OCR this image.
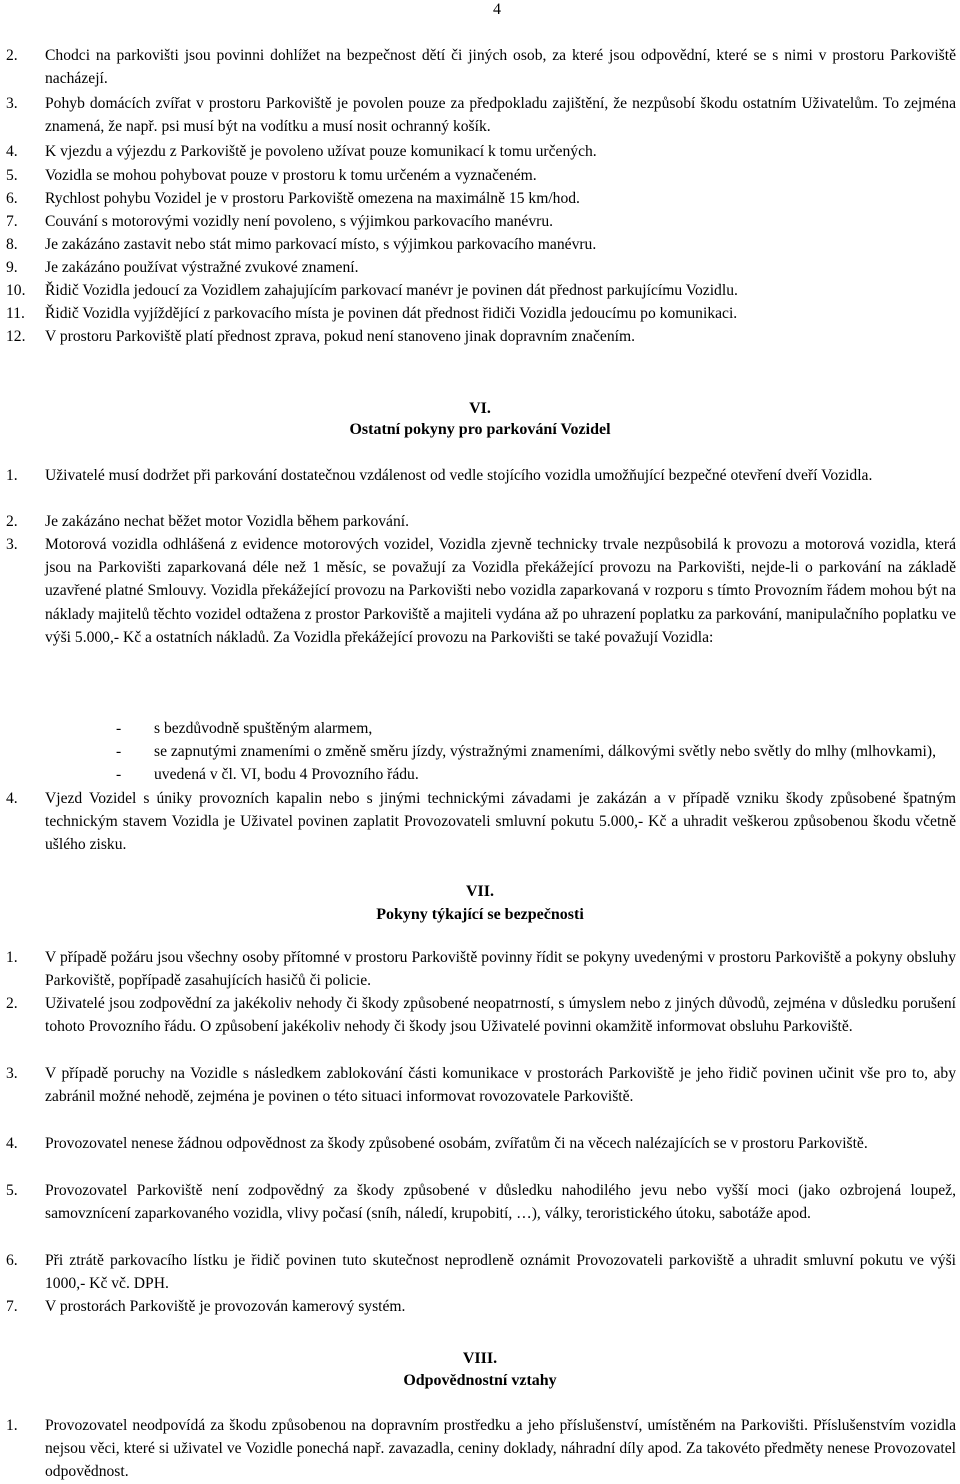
4
2. Chodci na parkovišti jsou povinni dohlížet na bezpečnost dětí či jiných osob, za které jsou odpovědní, které se s nimi v prostoru Parkoviště nacházejí.
3. Pohyb domácích zvířat v prostoru Parkoviště je povolen pouze za předpokladu zajištění, že nezpůsobí škodu ostatním Uživatelům. To zejména znamená, že např. psi musí být na vodítku a musí nosit ochranný košík.
4. K vjezdu a výjezdu z Parkoviště je povoleno užívat pouze komunikací k tomu určených.
5. Vozidla se mohou pohybovat pouze v prostoru k tomu určeném a vyznačeném.
6. Rychlost pohybu Vozidel je v prostoru Parkoviště omezena na maximálně 15 km/hod.
7. Couvání s motorovými vozidly není povoleno, s výjimkou parkovacího manévru.
8. Je zakázáno zastavit nebo stát mimo parkovací místo, s výjimkou parkovacího manévru.
9. Je zakázáno používat výstražné zvukové znamení.
10. Řidič Vozidla jedoucí za Vozidlem zahajujícím parkovací manévr je povinen dát přednost parkujícímu Vozidlu.
11. Řidič Vozidla vyjíždějící z parkovacího místa je povinen dát přednost řidiči Vozidla jedoucímu po komunikaci.
12. V prostoru Parkoviště platí přednost zprava, pokud není stanoveno jinak dopravním značením.
VI.
Ostatní pokyny pro parkování Vozidel
1. Uživatelé musí dodržet při parkování dostatečnou vzdálenost od vedle stojícího vozidla umožňující bezpečné otevření dveří Vozidla.
2. Je zakázáno nechat běžet motor Vozidla během parkování.
3. Motorová vozidla odhlášená z evidence motorových vozidel, Vozidla zjevně technicky trvale nezpůsobilá k provozu a motorová vozidla, která jsou na Parkovišti zaparkovaná déle než 1 měsíc, se považují za Vozidla překážející provozu na Parkovišti, nejde-li o parkování na základě uzavřené platné Smlouvy. Vozidla překážející provozu na Parkovišti nebo vozidla zaparkovaná v rozporu s tímto Provozním řádem mohou být na náklady majitelů těchto vozidel odtažena z prostor Parkoviště a majiteli vydána až po uhrazení poplatku za parkování, manipulačního poplatku ve výši 5.000,- Kč a ostatních nákladů. Za Vozidla překážející provozu na Parkovišti se také považují Vozidla:
- s bezdůvodně spuštěným alarmem,
- se zapnutými znameními o změně směru jízdy, výstražnými znameními, dálkovými světly nebo světly do mlhy (mlhovkami),
- uvedená v čl. VI, bodu 4 Provozního řádu.
4. Vjezd Vozidel s úniky provozních kapalin nebo s jinými technickými závadami je zakázán a v případě vzniku škody způsobené špatným technickým stavem Vozidla je Uživatel povinen zaplatit Provozovateli smluvní pokutu 5.000,- Kč a uhradit veškerou způsobenou škodu včetně ušlého zisku.
VII.
Pokyny týkající se bezpečnosti
1. V případě požáru jsou všechny osoby přítomné v prostoru Parkoviště povinny řídit se pokyny uvedenými v prostoru Parkoviště a pokyny obsluhy Parkoviště, popřípadě zasahujících hasičů či policie.
2. Uživatelé jsou zodpovědní za jakékoliv nehody či škody způsobené neopatrností, s úmyslem nebo z jiných důvodů, zejména v důsledku porušení tohoto Provozního řádu. O způsobení jakékoliv nehody či škody jsou Uživatelé povinni okamžitě informovat obsluhu Parkoviště.
3. V případě poruchy na Vozidle s následkem zablokování části komunikace v prostorách Parkoviště je jeho řidič povinen učinit vše pro to, aby zabránil možné nehodě, zejména je povinen o této situaci informovat rovozovatele Parkoviště.
4. Provozovatel nenese žádnou odpovědnost za škody způsobené osobám, zvířatům či na věcech nalézajících se v prostoru Parkoviště.
5. Provozovatel Parkoviště není zodpovědný za škody způsobené v důsledku nahodilého jevu nebo vyšší moci (jako ozbrojená loupež, samovznícení zaparkovaného vozidla, vlivy počasí (sníh, náledí, krupobití, …), války, teroristického útoku, sabotáže apod.
6. Při ztrátě parkovacího lístku je řidič povinen tuto skutečnost neprodleně oznámit Provozovateli parkoviště a uhradit smluvní pokutu ve výši 1000,- Kč vč. DPH.
7. V prostorách Parkoviště je provozován kamerový systém.
VIII.
Odpovědnostní vztahy
1. Provozovatel neodpovídá za škodu způsobenou na dopravním prostředku a jeho příslušenství, umístěném na Parkovišti. Příslušenstvím vozidla nejsou věci, které si uživatel ve Vozidle ponechá např. zavazadla, ceniny doklady, náhradní díly apod. Za takovéto předměty nenese Provozovatel odpovědnost.
